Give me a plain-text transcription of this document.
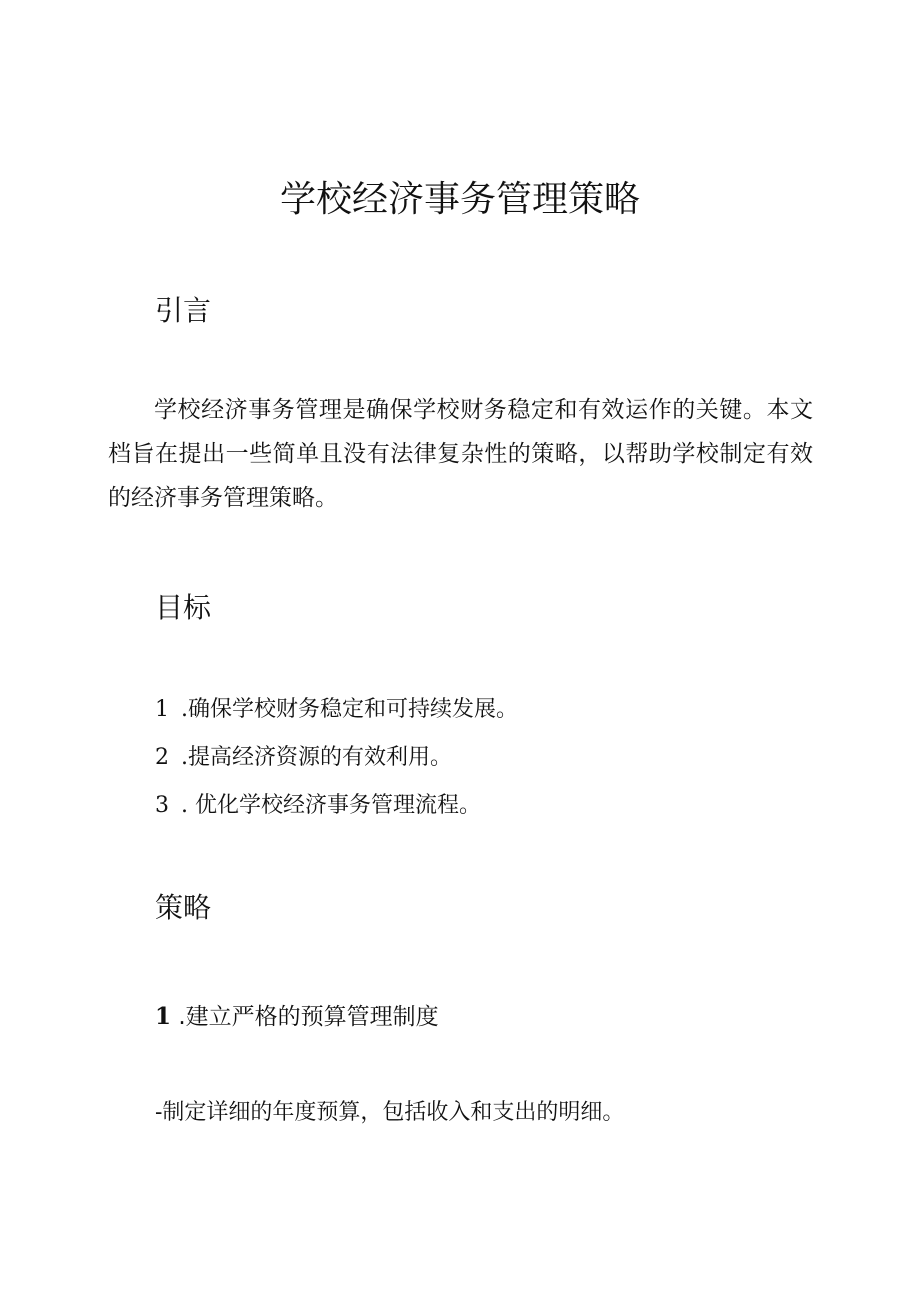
学校经济事务管理策略
引言

学校经济事务管理是确保学校财务稳定和有效运作的关键。本文档旨在提出一些简单且没有法律复杂性的策略，以帮助学校制定有效的经济事务管理策略。

目标
1 .确保学校财务稳定和可持续发展。
2 .提高经济资源的有效利用。
3 . 优化学校经济事务管理流程。
策略
1 .建立严格的预算管理制度

-制定详细的年度预算，包括收入和支出的明细。
